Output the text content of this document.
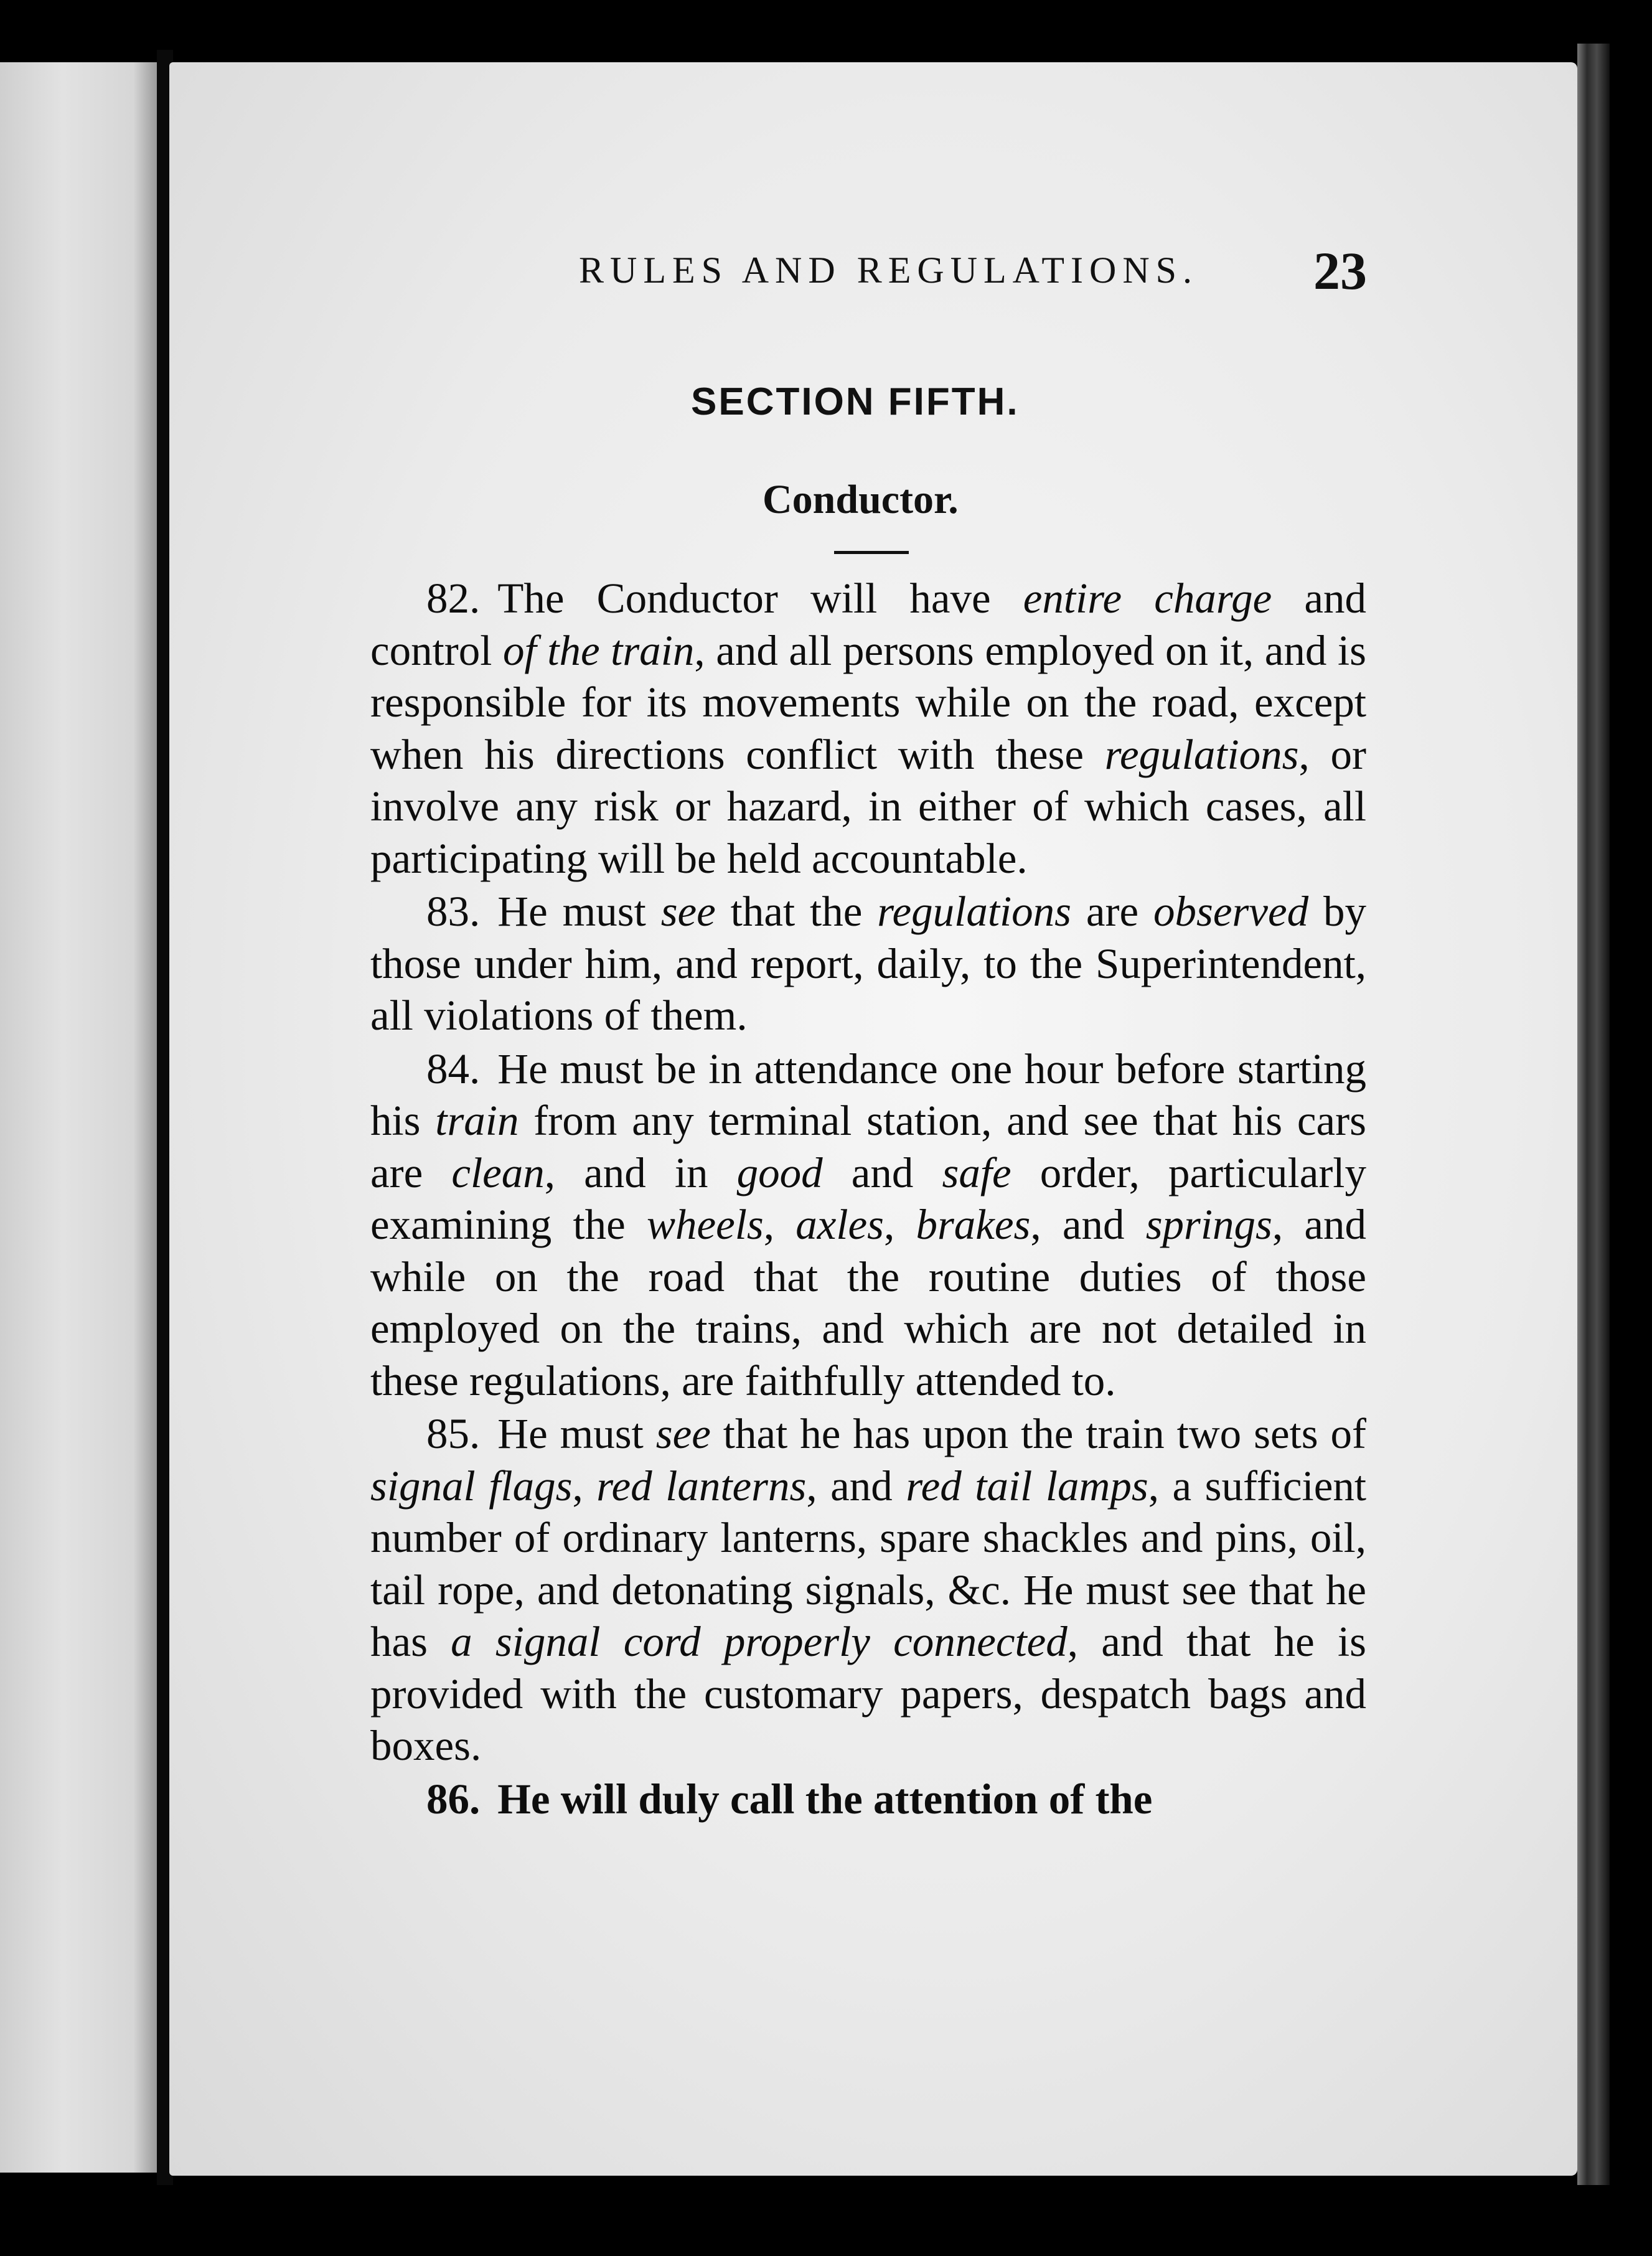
RULES AND REGULATIONS.	23
SECTION FIFTH.
Conductor.

82. The Conductor will have entire charge and control of the train, and all persons employed on it, and is responsible for its movements while on the road, except when his directions conflict with these regulations, or involve any risk or hazard, in either of which cases, all participating will be held accountable.

83. He must see that the regulations are observed by those under him, and report, daily, to the Superintendent, all violations of them.

84. He must be in attendance one hour before starting his train from any terminal station, and see that his cars are clean, and in good and safe order, particularly examining the wheels, axles, brakes, and springs, and while on the road that the routine duties of those employed on the trains, and which are not detailed in these regulations, are faithfully attended to.

85. He must see that he has upon the train two sets of signal flags, red lanterns, and red tail lamps, a sufficient number of ordinary lanterns, spare shackles and pins, oil, tail rope, and detonating signals, &c. He must see that he has a signal cord properly connected, and that he is provided with the customary papers, despatch bags and boxes.

86. He will duly call the attention of the
